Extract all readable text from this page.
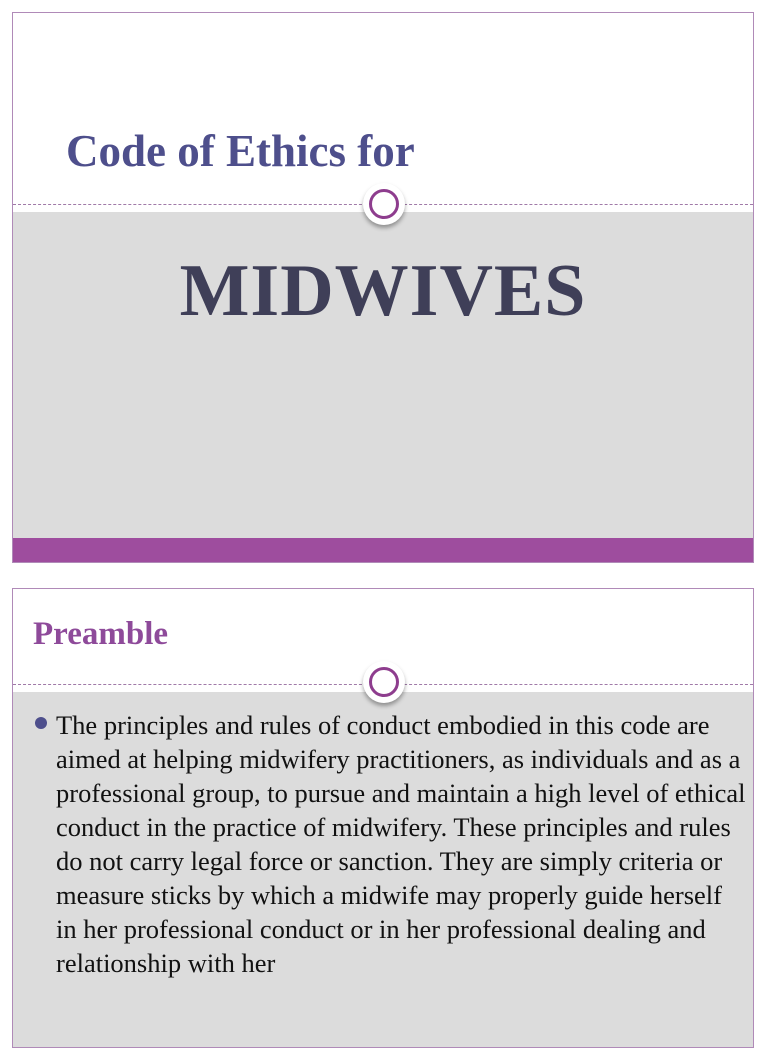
Code of Ethics for
MIDWIVES
Preamble

The principles and rules of conduct embodied in this code are aimed at helping midwifery practitioners, as individuals and as a professional group, to pursue and maintain a high level of ethical conduct in the practice of midwifery. These principles and rules do not carry legal force or sanction. They are simply criteria or measure sticks by which a midwife may properly guide herself in her professional conduct or in her professional dealing and relationship with her
